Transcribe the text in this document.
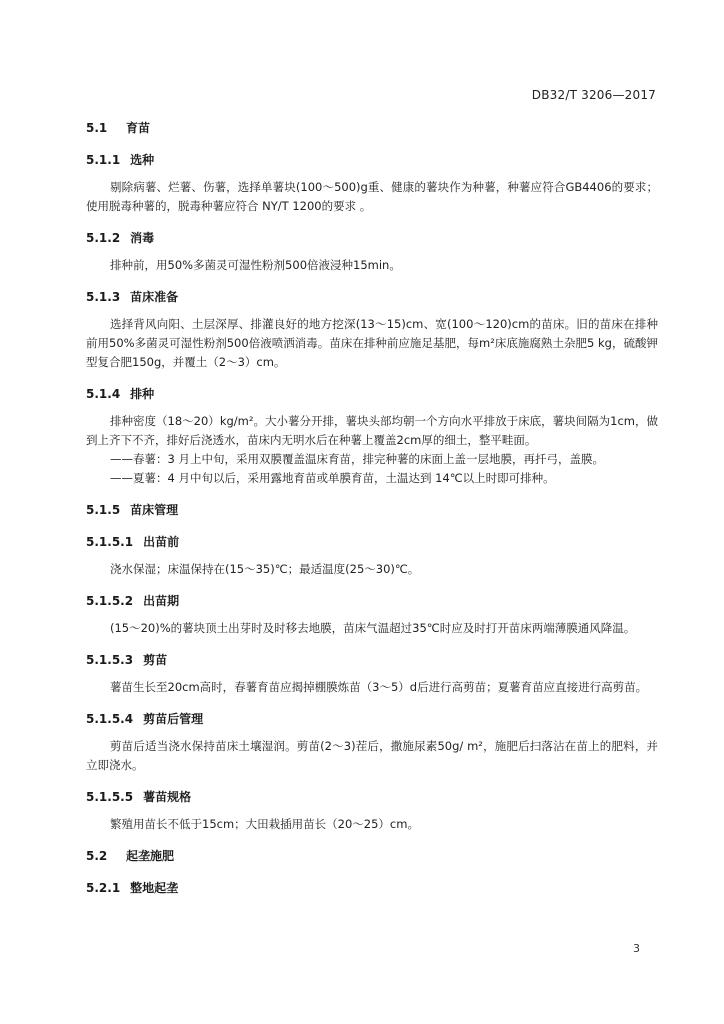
DB32/T 3206—2017
5.1 育苗
5.1.1 选种

剔除病薯、烂薯、伤薯，选择单薯块(100～500)g重、健康的薯块作为种薯，种薯应符合GB4406的要求；使用脱毒种薯的，脱毒种薯应符合 NY/T 1200的要求 。

5.1.2 消毒

排种前，用50%多菌灵可湿性粉剂500倍液浸种15min。

5.1.3 苗床准备

选择背风向阳、土层深厚、排灌良好的地方挖深(13～15)cm、宽(100～120)cm的苗床。旧的苗床在排种前用50%多菌灵可湿性粉剂500倍液喷洒消毒。苗床在排种前应施足基肥，每m²床底施腐熟土杂肥5 kg，硫酸钾型复合肥150g，并覆土（2～3）cm。

5.1.4 排种

排种密度（18～20）kg/m²。大小薯分开排，薯块头部均朝一个方向水平排放于床底，薯块间隔为1cm，做到上齐下不齐，排好后浇透水，苗床内无明水后在种薯上覆盖2cm厚的细土，整平畦面。

——春薯：3 月上中旬，采用双膜覆盖温床育苗，排完种薯的床面上盖一层地膜，再扦弓，盖膜。

——夏薯：4 月中旬以后，采用露地育苗或单膜育苗，土温达到 14℃以上时即可排种。

5.1.5 苗床管理
5.1.5.1 出苗前

浇水保湿；床温保持在(15～35)℃；最适温度(25～30)℃。

5.1.5.2 出苗期

(15～20)%的薯块顶土出芽时及时移去地膜，苗床气温超过35℃时应及时打开苗床两端薄膜通风降温。

5.1.5.3 剪苗

薯苗生长至20cm高时，春薯育苗应揭掉棚膜炼苗（3～5）d后进行高剪苗；夏薯育苗应直接进行高剪苗。

5.1.5.4 剪苗后管理

剪苗后适当浇水保持苗床土壤湿润。剪苗(2～3)茬后，撒施尿素50g/ m²，施肥后扫落沾在苗上的肥料，并立即浇水。

5.1.5.5 薯苗规格

繁殖用苗长不低于15cm；大田栽插用苗长（20～25）cm。

5.2 起垄施肥
5.2.1 整地起垄
3
